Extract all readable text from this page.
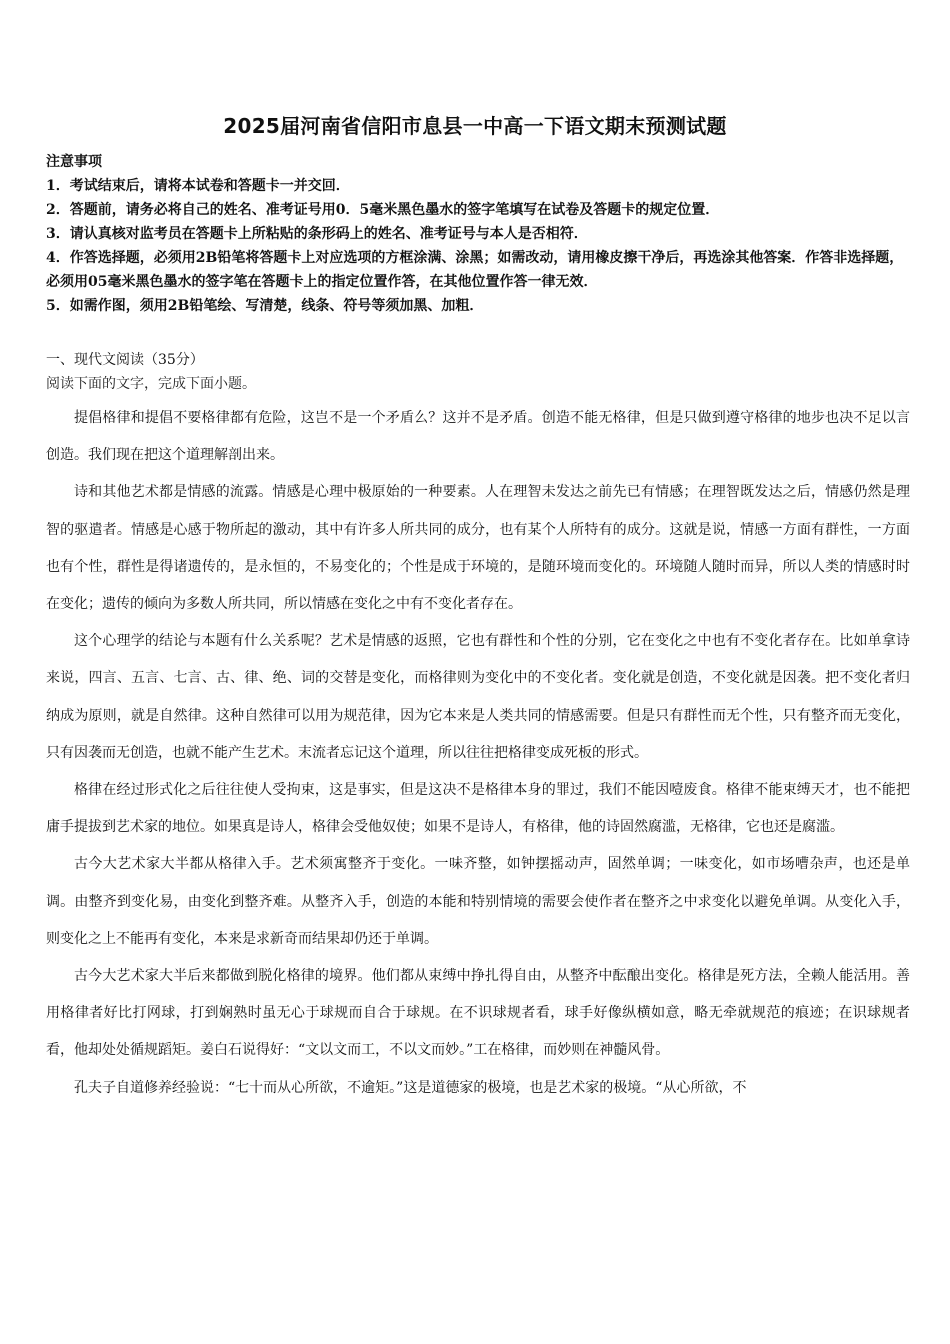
2025届河南省信阳市息县一中高一下语文期末预测试题
注意事项
1．考试结束后，请将本试卷和答题卡一并交回．
2．答题前，请务必将自己的姓名、准考证号用0．5毫米黑色墨水的签字笔填写在试卷及答题卡的规定位置．
3．请认真核对监考员在答题卡上所粘贴的条形码上的姓名、准考证号与本人是否相符．
4．作答选择题，必须用2B铅笔将答题卡上对应选项的方框涂满、涂黑；如需改动，请用橡皮擦干净后，再选涂其他答案．作答非选择题，必须用05毫米黑色墨水的签字笔在答题卡上的指定位置作答，在其他位置作答一律无效．
5．如需作图，须用2B铅笔绘、写清楚，线条、符号等须加黑、加粗．
一、现代文阅读（35分）
阅读下面的文字，完成下面小题。

提倡格律和提倡不要格律都有危险，这岂不是一个矛盾么？这并不是矛盾。创造不能无格律，但是只做到遵守格律的地步也决不足以言创造。我们现在把这个道理解剖出来。

诗和其他艺术都是情感的流露。情感是心理中极原始的一种要素。人在理智未发达之前先已有情感；在理智既发达之后，情感仍然是理智的驱遣者。情感是心感于物所起的激动，其中有许多人所共同的成分，也有某个人所特有的成分。这就是说，情感一方面有群性，一方面也有个性，群性是得诸遗传的，是永恒的，不易变化的；个性是成于环境的，是随环境而变化的。环境随人随时而异，所以人类的情感时时在变化；遗传的倾向为多数人所共同，所以情感在变化之中有不变化者存在。

这个心理学的结论与本题有什么关系呢？艺术是情感的返照，它也有群性和个性的分别，它在变化之中也有不变化者存在。比如单拿诗来说，四言、五言、七言、古、律、绝、词的交替是变化，而格律则为变化中的不变化者。变化就是创造，不变化就是因袭。把不变化者归纳成为原则，就是自然律。这种自然律可以用为规范律，因为它本来是人类共同的情感需要。但是只有群性而无个性，只有整齐而无变化，只有因袭而无创造，也就不能产生艺术。末流者忘记这个道理，所以往往把格律变成死板的形式。

格律在经过形式化之后往往使人受拘束，这是事实，但是这决不是格律本身的罪过，我们不能因噎废食。格律不能束缚天才，也不能把庸手提拔到艺术家的地位。如果真是诗人，格律会受他奴使；如果不是诗人，有格律，他的诗固然腐滥，无格律，它也还是腐滥。

古今大艺术家大半都从格律入手。艺术须寓整齐于变化。一味齐整，如钟摆摇动声，固然单调；一味变化，如市场嘈杂声，也还是单调。由整齐到变化易，由变化到整齐难。从整齐入手，创造的本能和特别情境的需要会使作者在整齐之中求变化以避免单调。从变化入手，则变化之上不能再有变化，本来是求新奇而结果却仍还于单调。

古今大艺术家大半后来都做到脱化格律的境界。他们都从束缚中挣扎得自由，从整齐中酝酿出变化。格律是死方法，全赖人能活用。善用格律者好比打网球，打到娴熟时虽无心于球规而自合于球规。在不识球规者看，球手好像纵横如意，略无牵就规范的痕迹；在识球规者看，他却处处循规蹈矩。姜白石说得好：“文以文而工，不以文而妙。”工在格律，而妙则在神髓风骨。

孔夫子自道修养经验说：“七十而从心所欲，不逾矩。”这是道德家的极境，也是艺术家的极境。“从心所欲，不
